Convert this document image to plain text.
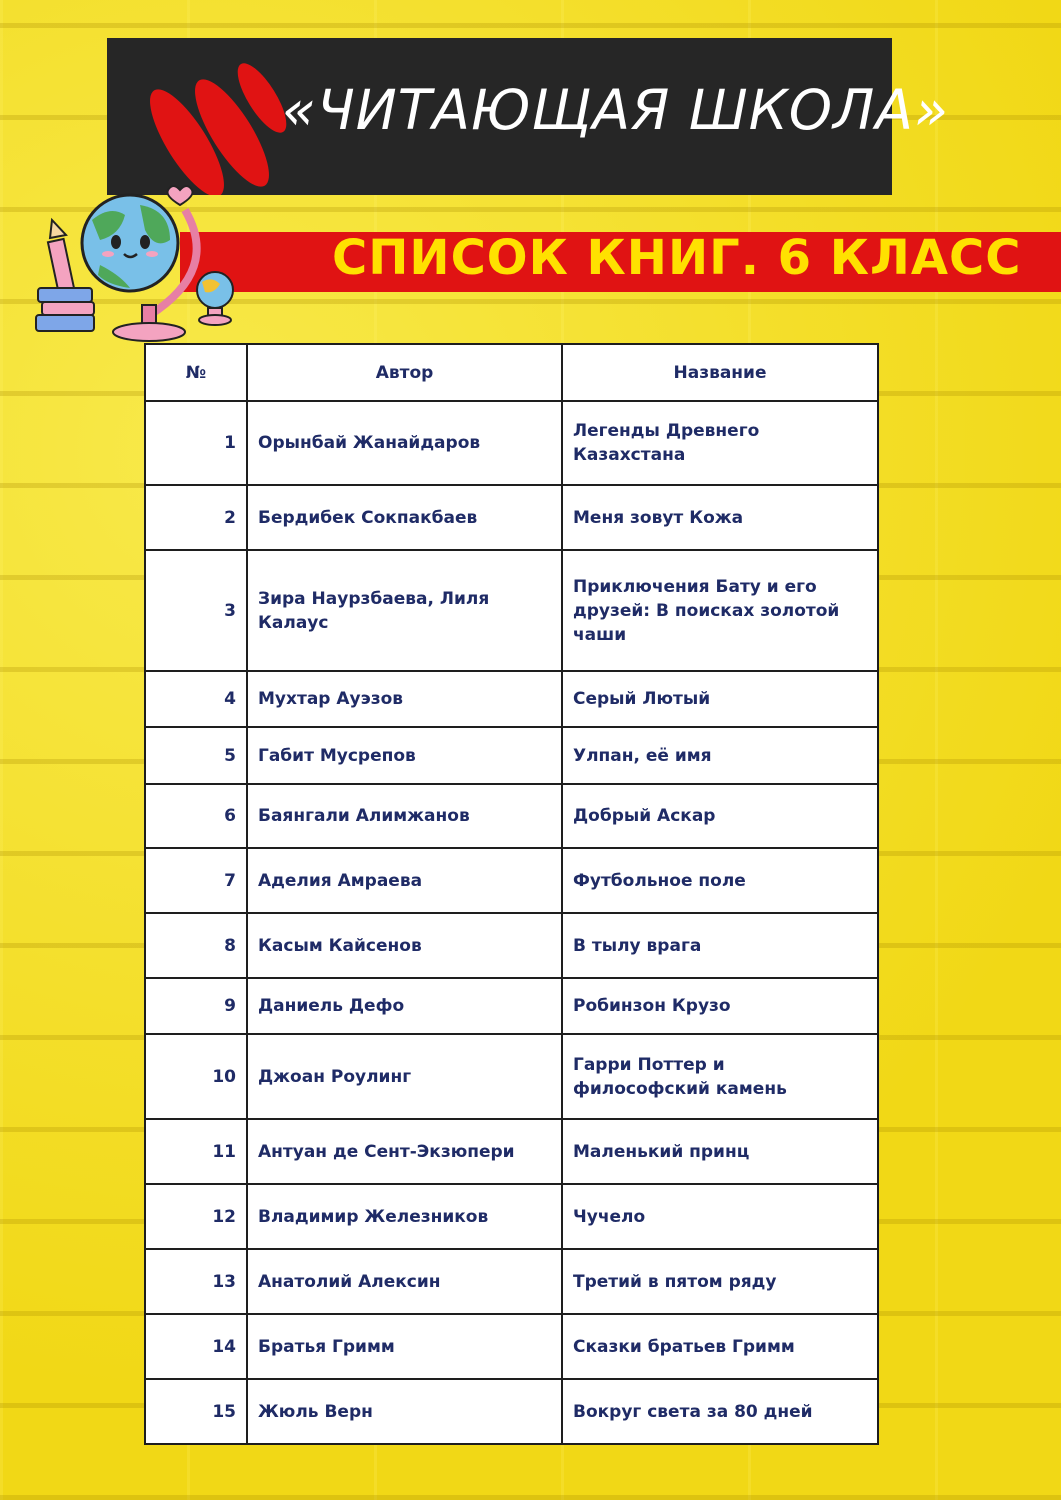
«ЧИТАЮЩАЯ ШКОЛА»
СПИСОК КНИГ. 6 КЛАСС
№	Автор	Название
1	Орынбай Жанайдаров	Легенды Древнего Казахстана
2	Бердибек Сокпакбаев	Меня зовут Кожа
3	Зира Наурзбаева, Лиля Калаус	Приключения Бату и его друзей: В поисках золотой чаши
4	Мухтар Ауэзов	Серый Лютый
5	Габит Мусрепов	Улпан, её имя
6	Баянгали Алимжанов	Добрый Аскар
7	Аделия Амраева	Футбольное поле
8	Касым Кайсенов	В тылу врага
9	Даниель Дефо	Робинзон Крузо
10	Джоан Роулинг	Гарри Поттер и философский камень
11	Антуан де Сент-Экзюпери	Маленький принц
12	Владимир Железников	Чучело
13	Анатолий Алексин	Третий в пятом ряду
14	Братья Гримм	Сказки братьев Гримм
15	Жюль Верн	Вокруг света за 80 дней
